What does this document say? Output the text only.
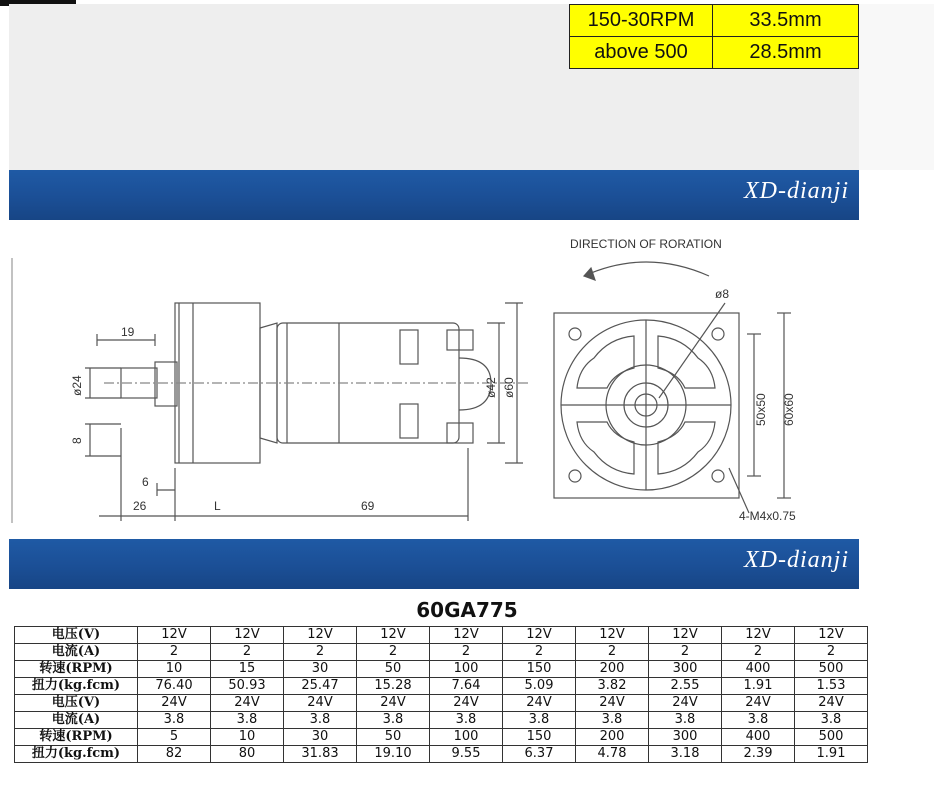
150-30RPM	33.5mm
above 500	28.5mm
XD-dianji
DIRECTION OF RORATION
19
ø24
8
6
26	L	69
ø42 ø60
ø8
50x50 60x60
4-M4x0.75
XD-dianji
60GA775
电压(V)	12V	12V	12V	12V	12V	12V	12V	12V	12V	12V
电流(A)	2	2	2	2	2	2	2	2	2	2
转速(RPM)	10	15	30	50	100	150	200	300	400	500
扭力(kg.fcm)	76.40	50.93	25.47	15.28	7.64	5.09	3.82	2.55	1.91	1.53
电压(V)	24V	24V	24V	24V	24V	24V	24V	24V	24V	24V
电流(A)	3.8	3.8	3.8	3.8	3.8	3.8	3.8	3.8	3.8	3.8
转速(RPM)	5	10	30	50	100	150	200	300	400	500
扭力(kg.fcm)	82	80	31.83	19.10	9.55	6.37	4.78	3.18	2.39	1.91
